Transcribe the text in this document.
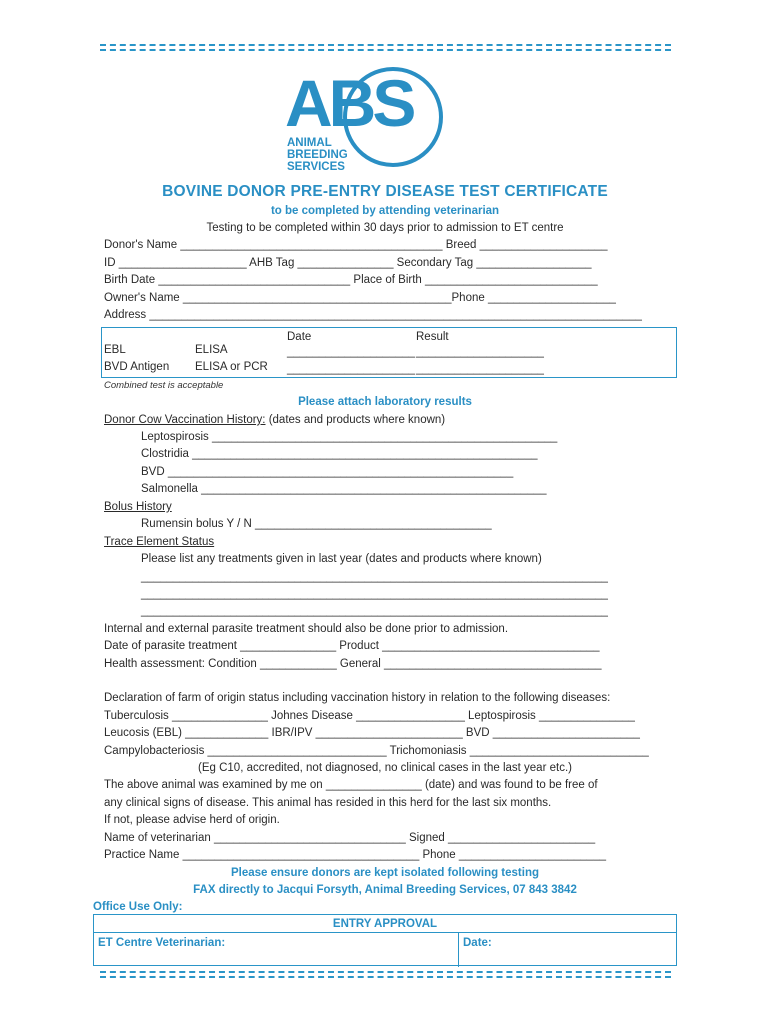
ABS
ANIMAL
BREEDING
SERVICES
BOVINE DONOR PRE-ENTRY DISEASE TEST CERTIFICATE
to be completed by attending veterinarian
Testing to be completed within 30 days prior to admission to ET centre
Donor's Name _________________________________________ Breed ____________________
ID ____________________ AHB Tag _______________ Secondary Tag __________________
Birth Date ______________________________ Place of Birth ___________________________
Owner's Name __________________________________________Phone ____________________
Address _____________________________________________________________________________
Date	Result
EBL	ELISA	____________________ ____________________
BVD Antigen ELISA or PCR ____________________ ____________________
Combined test is acceptable
Please attach laboratory results
Donor Cow Vaccination History: (dates and products where known)
Leptospirosis ______________________________________________________
Clostridia ______________________________________________________
BVD ______________________________________________________
Salmonella ______________________________________________________
Bolus History
Rumensin bolus Y / N _____________________________________
Trace Element Status
Please list any treatments given in last year (dates and products where known)
_________________________________________________________________________
_________________________________________________________________________
_________________________________________________________________________
Internal and external parasite treatment should also be done prior to admission.
Date of parasite treatment _______________ Product __________________________________
Health assessment: Condition ____________ General __________________________________
Declaration of farm of origin status including vaccination history in relation to the following diseases:
Tuberculosis _______________ Johnes Disease _________________ Leptospirosis _______________
Leucosis (EBL) _____________ IBR/IPV _______________________ BVD _______________________
Campylobacteriosis ____________________________ Trichomoniasis ____________________________
(Eg C10, accredited, not diagnosed, no clinical cases in the last year etc.)
The above animal was examined by me on _______________ (date) and was found to be free of
any clinical signs of disease. This animal has resided in this herd for the last six months.
If not, please advise herd of origin.
Name of veterinarian ______________________________ Signed _______________________
Practice Name _____________________________________ Phone _______________________
Please ensure donors are kept isolated following testing
FAX directly to Jacqui Forsyth, Animal Breeding Services, 07 843 3842
Office Use Only:
ENTRY APPROVAL
ET Centre Veterinarian:	Date:
